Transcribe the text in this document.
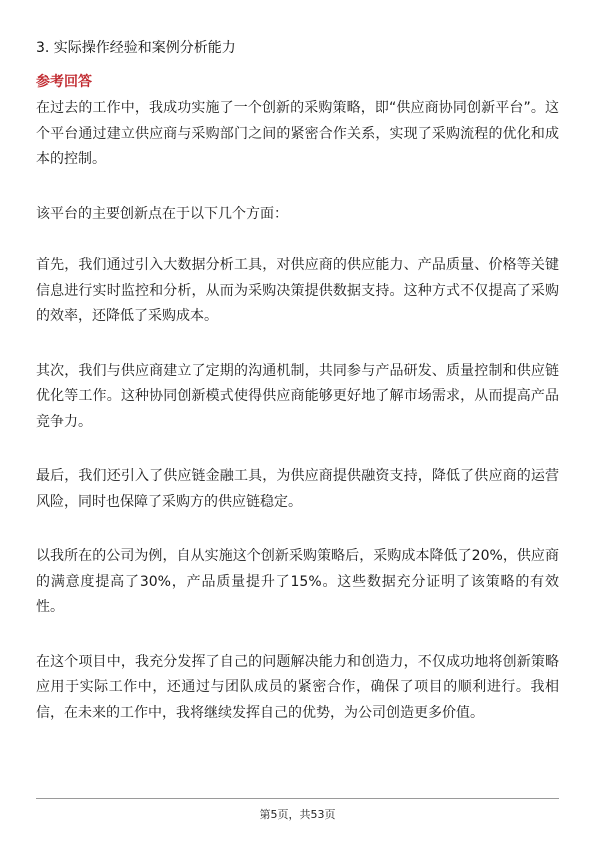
3. 实际操作经验和案例分析能力
参考回答

在过去的工作中，我成功实施了一个创新的采购策略，即“供应商协同创新平台”。这个平台通过建立供应商与采购部门之间的紧密合作关系，实现了采购流程的优化和成本的控制。

该平台的主要创新点在于以下几个方面：

首先，我们通过引入大数据分析工具，对供应商的供应能力、产品质量、价格等关键信息进行实时监控和分析，从而为采购决策提供数据支持。这种方式不仅提高了采购的效率，还降低了采购成本。

其次，我们与供应商建立了定期的沟通机制，共同参与产品研发、质量控制和供应链优化等工作。这种协同创新模式使得供应商能够更好地了解市场需求，从而提高产品竞争力。

最后，我们还引入了供应链金融工具，为供应商提供融资支持，降低了供应商的运营风险，同时也保障了采购方的供应链稳定。

以我所在的公司为例，自从实施这个创新采购策略后，采购成本降低了20%，供应商的满意度提高了30%，产品质量提升了15%。这些数据充分证明了该策略的有效性。

在这个项目中，我充分发挥了自己的问题解决能力和创造力，不仅成功地将创新策略应用于实际工作中，还通过与团队成员的紧密合作，确保了项目的顺利进行。我相信，在未来的工作中，我将继续发挥自己的优势，为公司创造更多价值。

第5页，共53页
